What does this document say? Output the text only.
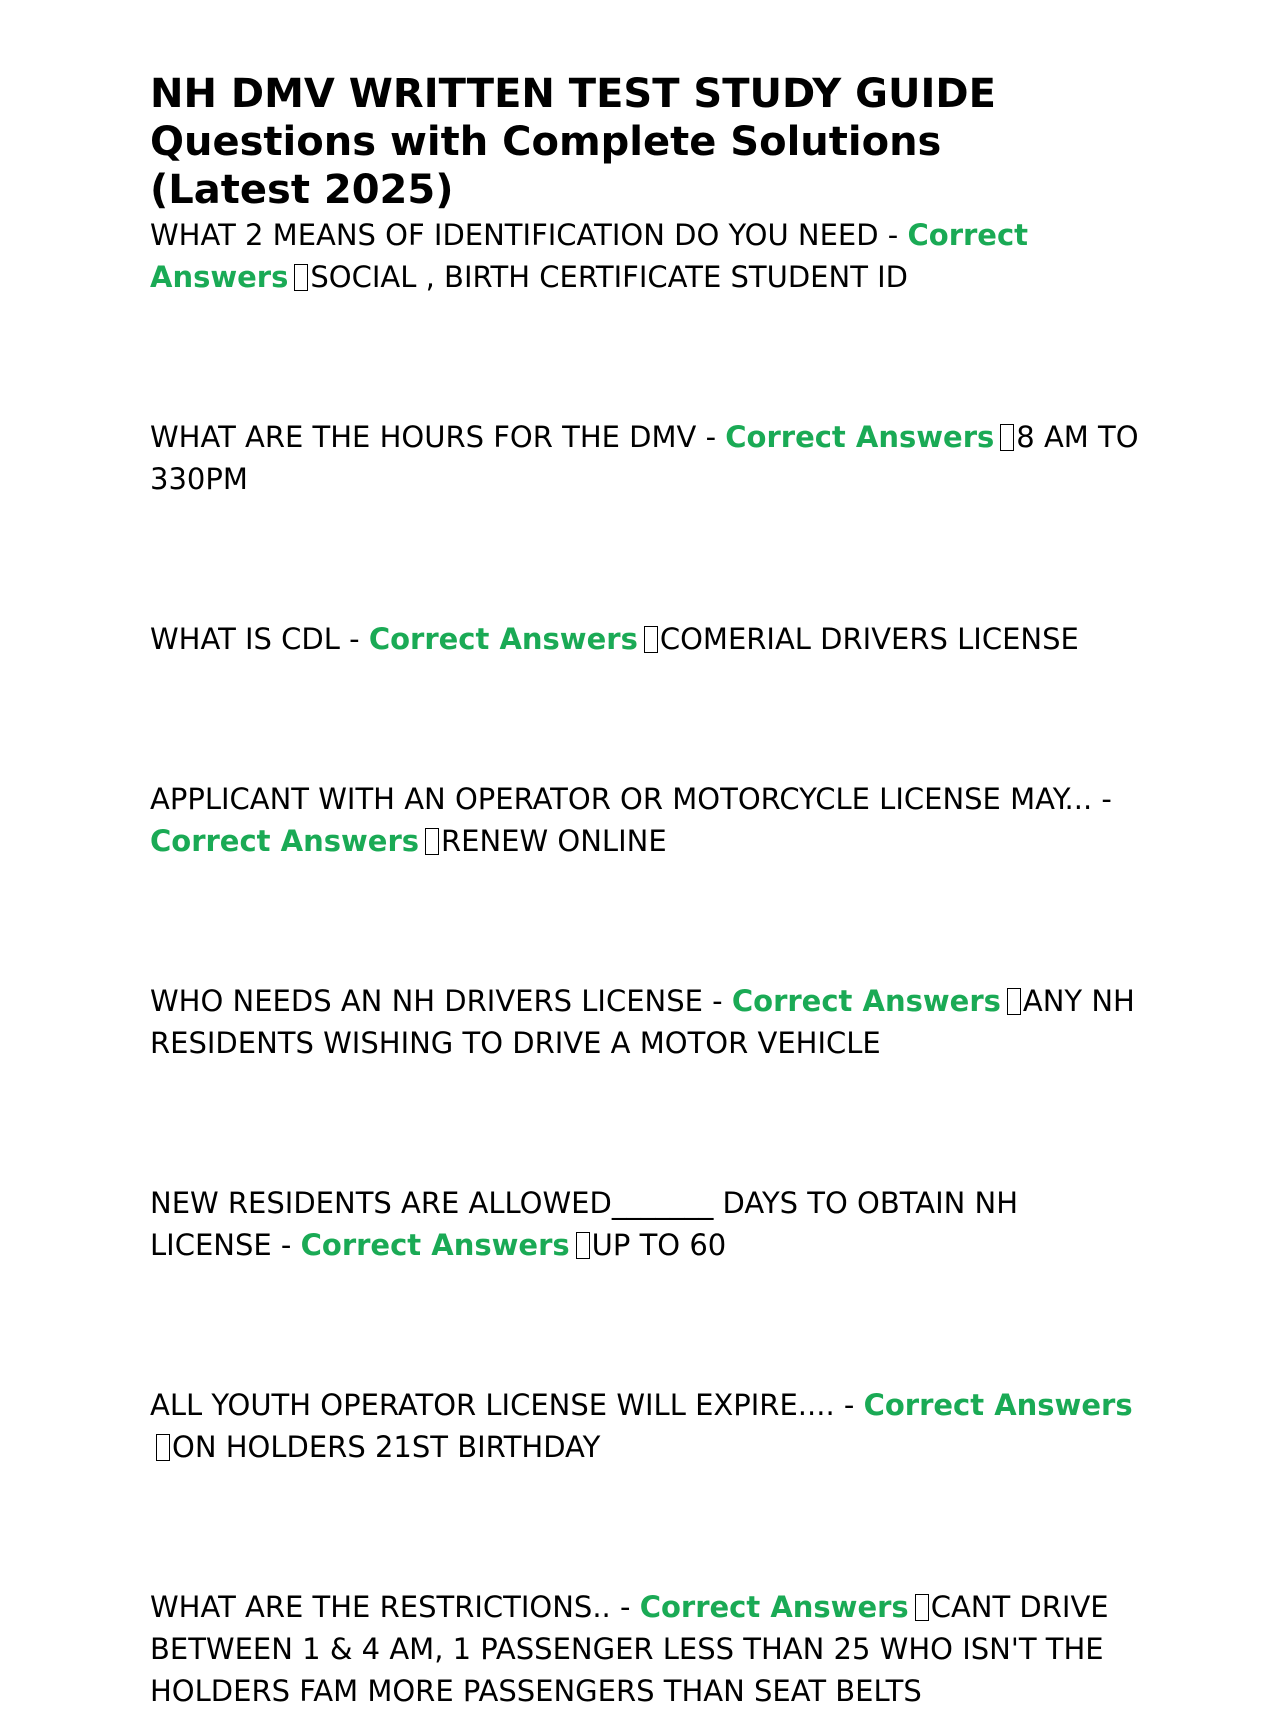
NH DMV WRITTEN TEST STUDY GUIDE
Questions with Complete Solutions
(Latest 2025)

WHAT 2 MEANS OF IDENTIFICATION DO YOU NEED - Correct Answers SOCIAL , BIRTH CERTIFICATE STUDENT ID

WHAT ARE THE HOURS FOR THE DMV - Correct Answers 8 AM TO 330PM

WHAT IS CDL - Correct Answers COMERIAL DRIVERS LICENSE

APPLICANT WITH AN OPERATOR OR MOTORCYCLE LICENSE MAY... - Correct Answers RENEW ONLINE

WHO NEEDS AN NH DRIVERS LICENSE - Correct Answers ANY NH RESIDENTS WISHING TO DRIVE A MOTOR VEHICLE

NEW RESIDENTS ARE ALLOWED_______ DAYS TO OBTAIN NH LICENSE - Correct Answers UP TO 60

ALL YOUTH OPERATOR LICENSE WILL EXPIRE.... - Correct AnswersON HOLDERS 21ST BIRTHDAY

WHAT ARE THE RESTRICTIONS.. - Correct Answers CANT DRIVE BETWEEN 1 & 4 AM, 1 PASSENGER LESS THAN 25 WHO ISN'T THE HOLDERS FAM MORE PASSENGERS THAN SEAT BELTS
